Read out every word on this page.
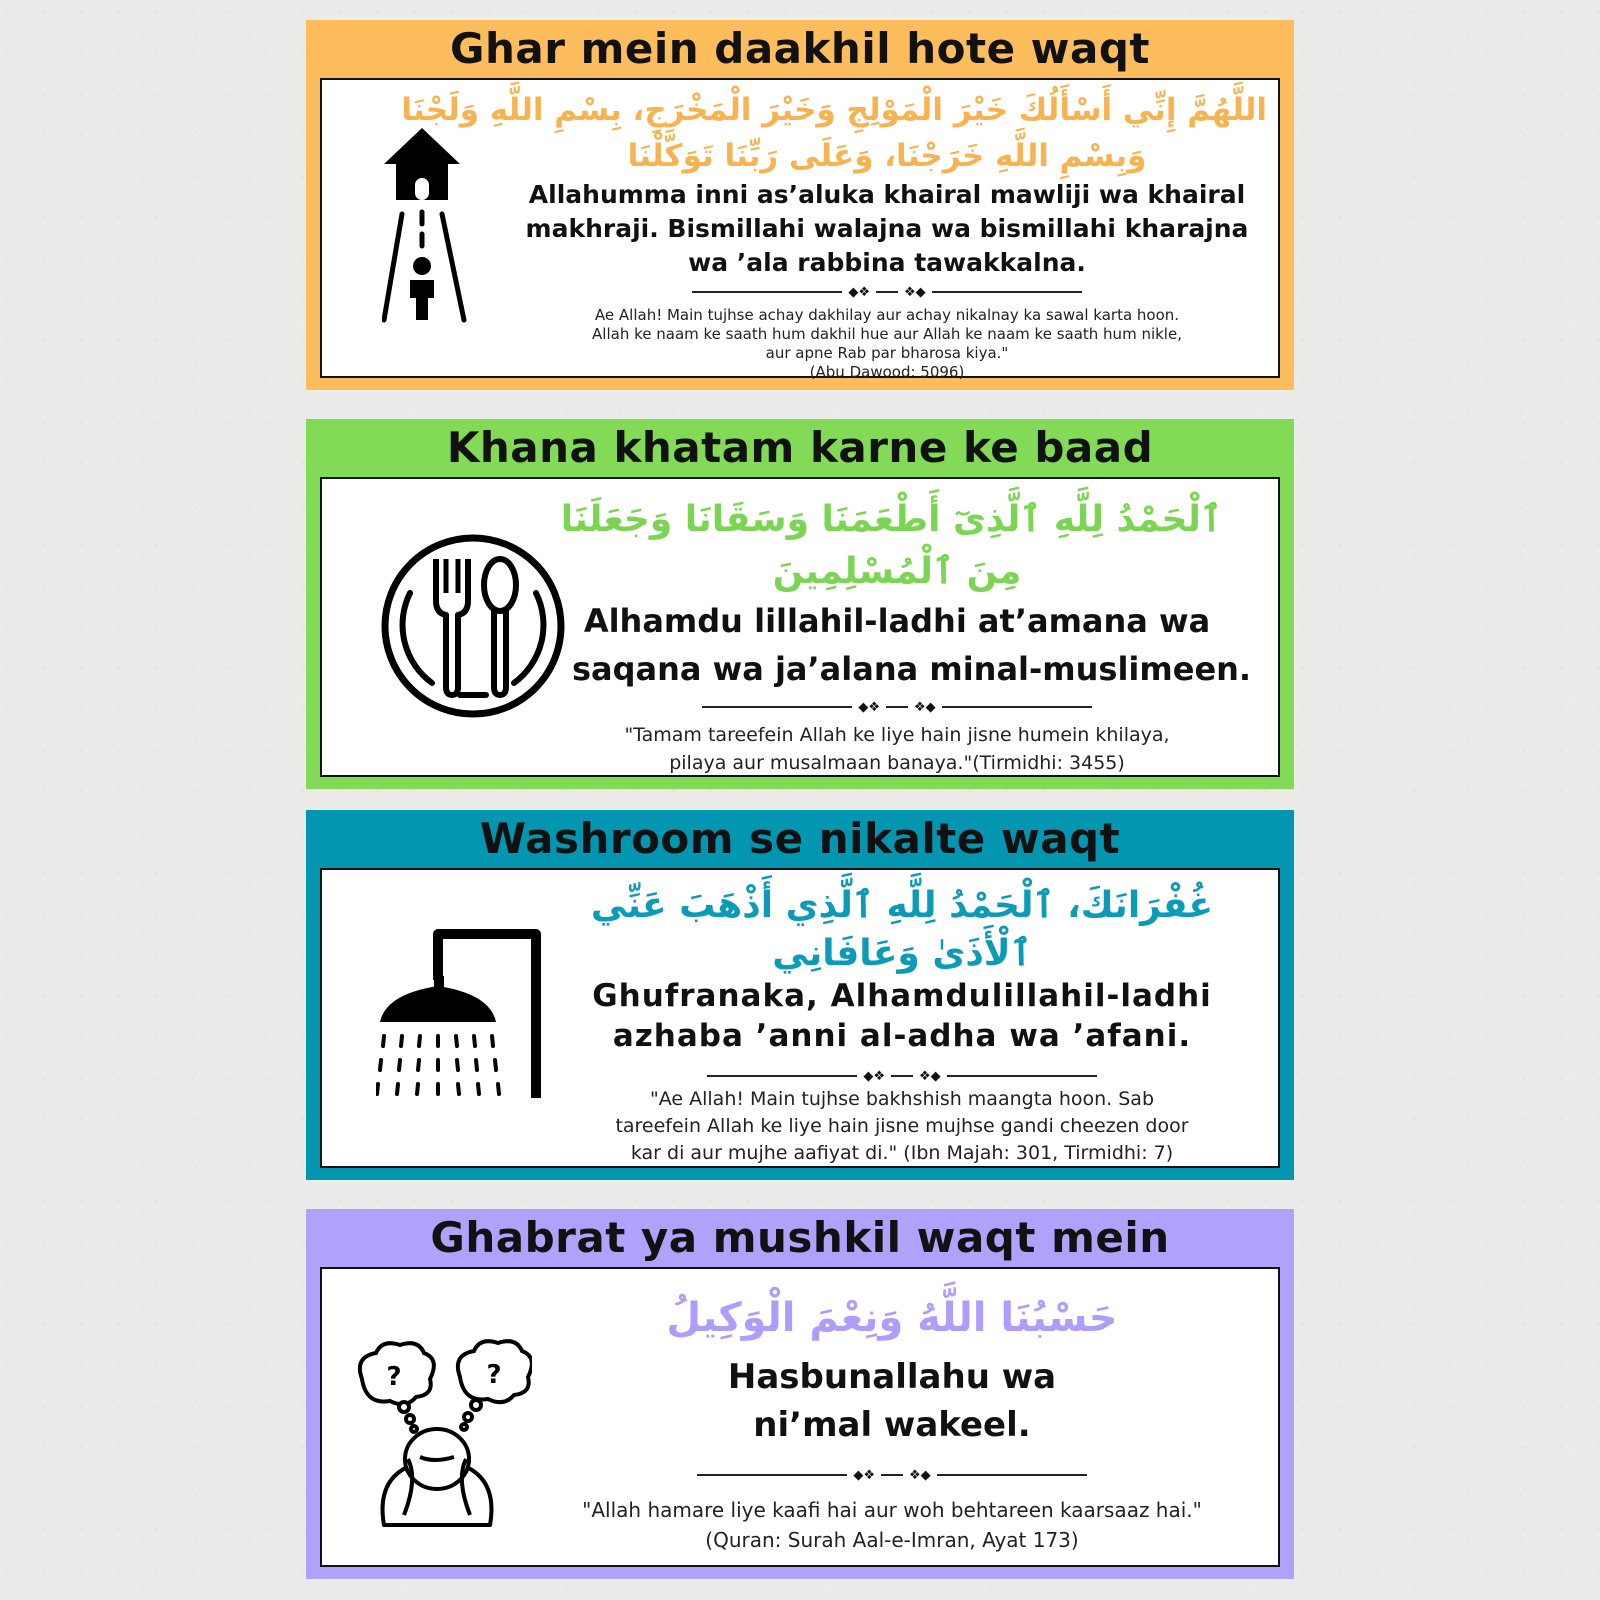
Ghar mein daakhil hote waqt
اللَّهُمَّ إِنِّي أَسْأَلُكَ خَيْرَ الْمَوْلِجِ وَخَيْرَ الْمَخْرَجِ، بِسْمِ اللَّهِ وَلَجْنَا
وَبِسْمِ اللَّهِ خَرَجْنَا، وَعَلَى رَبِّنَا تَوَكَّلْنَا
Allahumma inni as’aluka khairal mawliji wa khairal
makhraji. Bismillahi walajna wa bismillahi kharajna
wa ’ala rabbina tawakkalna.
◆❖	❖◆
Ae Allah! Main tujhse achay dakhilay aur achay nikalnay ka sawal karta hoon.
Allah ke naam ke saath hum dakhil hue aur Allah ke naam ke saath hum nikle,
aur apne Rab par bharosa kiya."
(Abu Dawood: 5096)
Khana khatam karne ke baad
ٱلْحَمْدُ لِلَّهِ ٱلَّذِىٓ أَطْعَمَنَا وَسَقَانَا وَجَعَلَنَا
مِنَ ٱلْمُسْلِمِينَ
Alhamdu lillahil-ladhi at’amana wa
saqana wa ja’alana minal-muslimeen.
◆❖	❖◆
"Tamam tareefein Allah ke liye hain jisne humein khilaya,
pilaya aur musalmaan banaya."(Tirmidhi: 3455)
Washroom se nikalte waqt
غُفْرَانَكَ، ٱلْحَمْدُ لِلَّهِ ٱلَّذِي أَذْهَبَ عَنِّي
ٱلْأَذَىٰ وَعَافَانِي
Ghufranaka, Alhamdulillahil-ladhi
azhaba ’anni al-adha wa ’afani.
◆❖	❖◆
"Ae Allah! Main tujhse bakhshish maangta hoon. Sab
tareefein Allah ke liye hain jisne mujhse gandi cheezen door
kar di aur mujhe aafiyat di." (Ibn Majah: 301, Tirmidhi: 7)
Ghabrat ya mushkil waqt mein
?	?
حَسْبُنَا اللَّهُ وَنِعْمَ الْوَكِيلُ
Hasbunallahu wa
ni’mal wakeel.
◆❖	❖◆
"Allah hamare liye kaafi hai aur woh behtareen kaarsaaz hai."
(Quran: Surah Aal-e-Imran, Ayat 173)
